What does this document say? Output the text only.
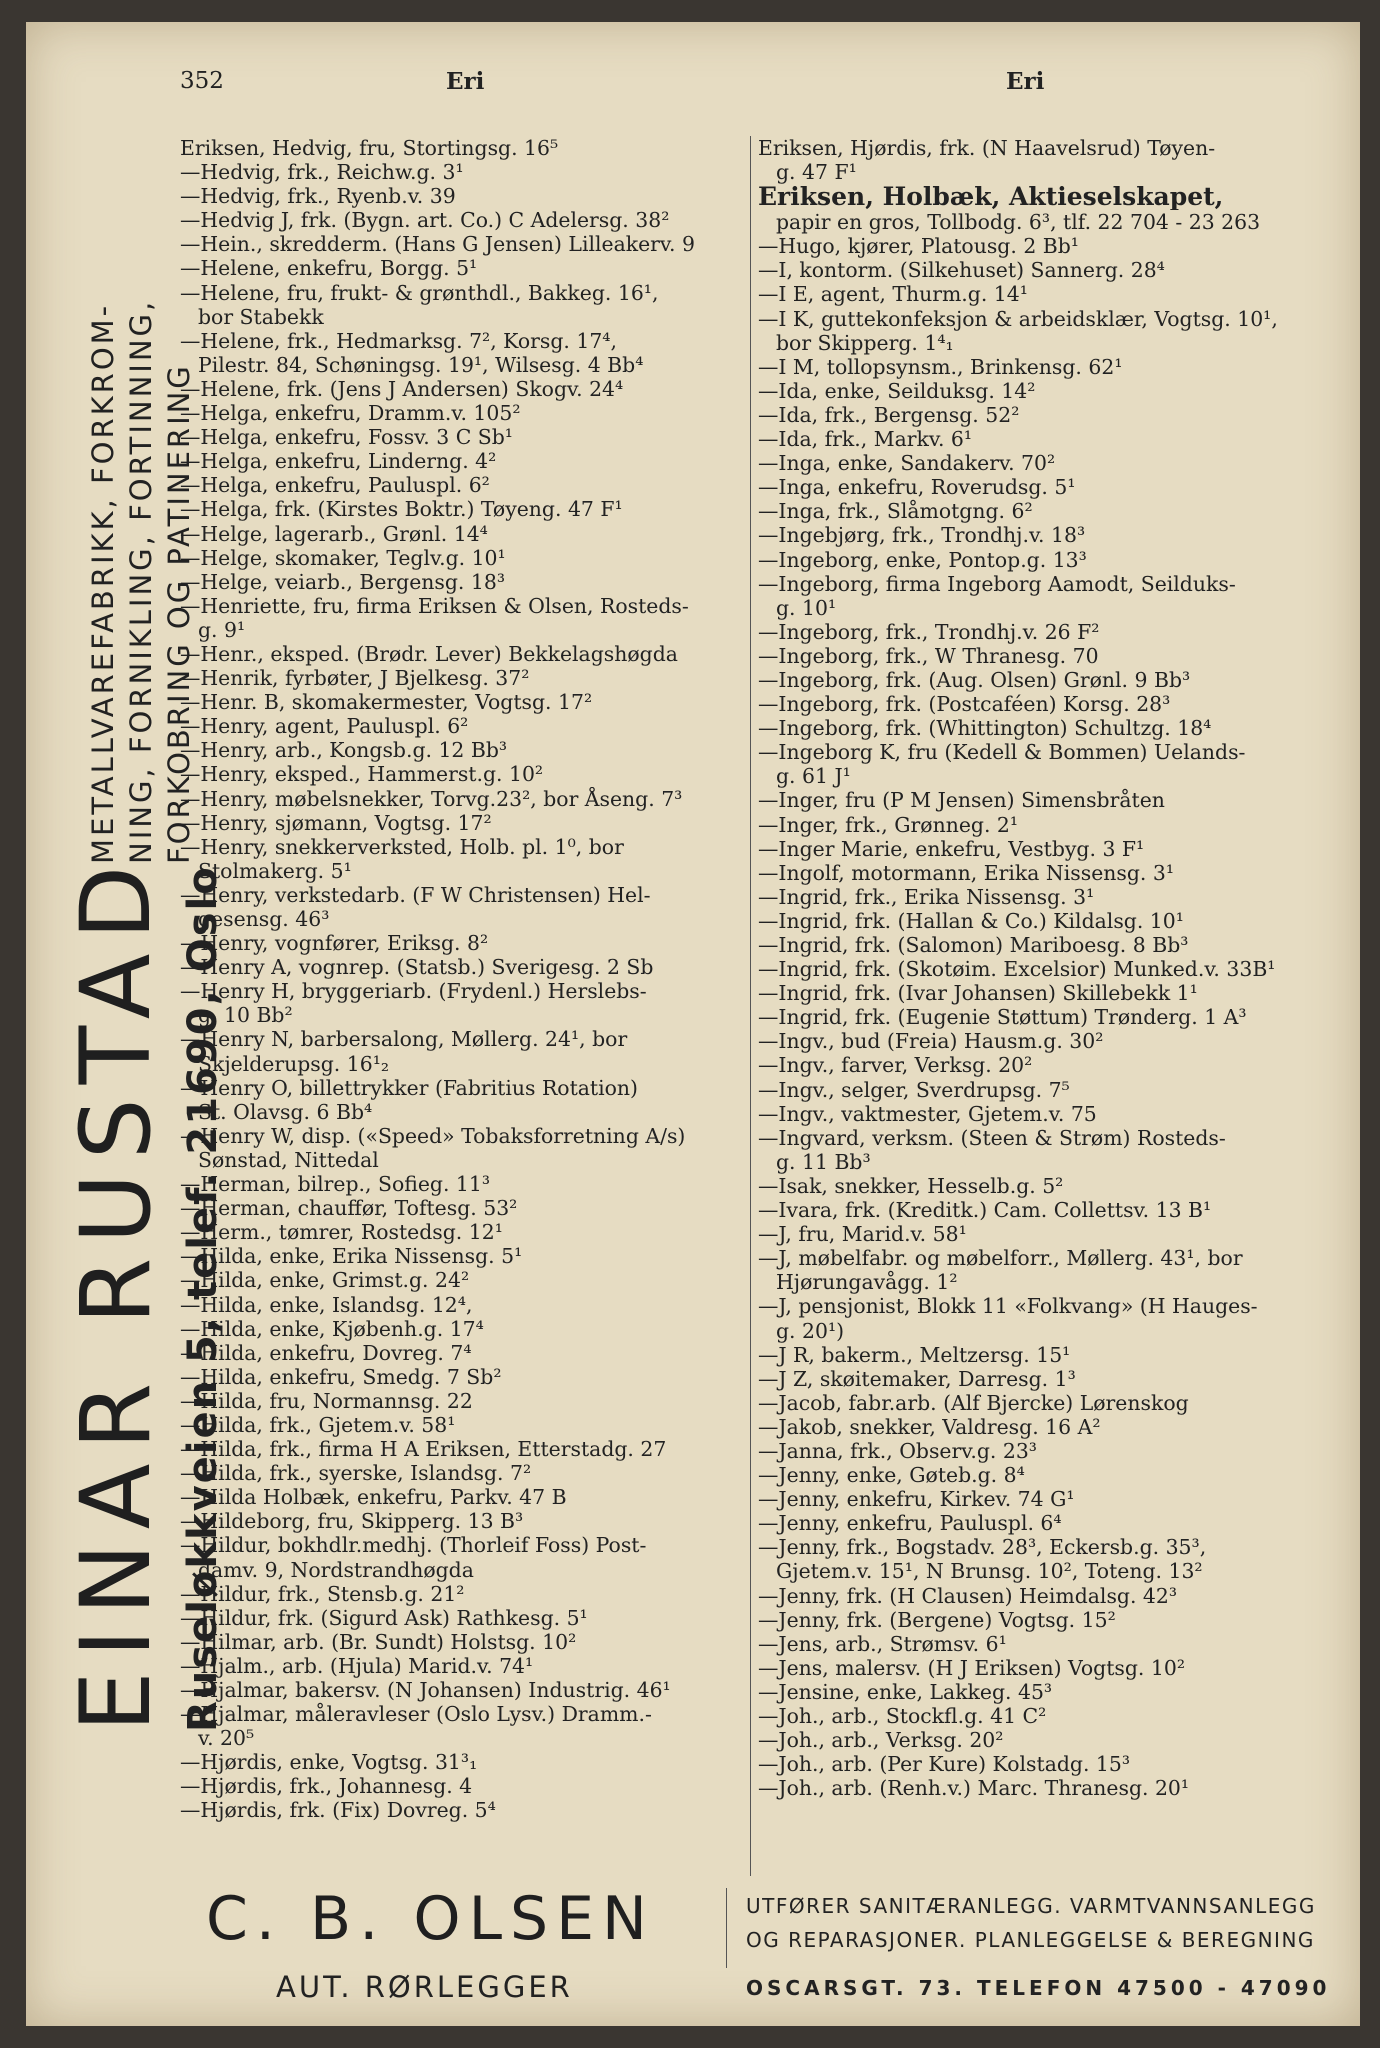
352	Eri	Eri
EINAR RUSTAD Ruseløkkveien 5, telef. 21690, Oslo
METALLVAREFABRIKK, FORKROM- NING, FORNIKLING, FORTINNING, FORKOBRING OG PATINERING
Eriksen, Hedvig, fru, Stortingsg. 16⁵
—Hedvig, frk., Reichw.g. 3¹
—Hedvig, frk., Ryenb.v. 39
—Hedvig J, frk. (Bygn. art. Co.) C Adelersg. 38²
—Hein., skredderm. (Hans G Jensen) Lilleakerv. 9
—Helene, enkefru, Borgg. 5¹
—Helene, fru, frukt- & grønthdl., Bakkeg. 16¹,
bor Stabekk
—Helene, frk., Hedmarksg. 7², Korsg. 17⁴,
Pilestr. 84, Schøningsg. 19¹, Wilsesg. 4 Bb⁴
—Helene, frk. (Jens J Andersen) Skogv. 24⁴
—Helga, enkefru, Dramm.v. 105²
—Helga, enkefru, Fossv. 3 C Sb¹
—Helga, enkefru, Linderng. 4²
—Helga, enkefru, Pauluspl. 6²
—Helga, frk. (Kirstes Boktr.) Tøyeng. 47 F¹
—Helge, lagerarb., Grønl. 14⁴
—Helge, skomaker, Teglv.g. 10¹
—Helge, veiarb., Bergensg. 18³
—Henriette, fru, firma Eriksen & Olsen, Rosteds-
g. 9¹
—Henr., eksped. (Brødr. Lever) Bekkelagshøgda
—Henrik, fyrbøter, J Bjelkesg. 37²
—Henr. B, skomakermester, Vogtsg. 17²
—Henry, agent, Pauluspl. 6²
—Henry, arb., Kongsb.g. 12 Bb³
—Henry, eksped., Hammerst.g. 10²
—Henry, møbelsnekker, Torvg.23², bor Åseng. 7³
—Henry, sjømann, Vogtsg. 17²
—Henry, snekkerverksted, Holb. pl. 1⁰, bor
Stolmakerg. 5¹
—Henry, verkstedarb. (F W Christensen) Hel-
gesensg. 46³
—Henry, vognfører, Eriksg. 8²
—Henry A, vognrep. (Statsb.) Sverigesg. 2 Sb
—Henry H, bryggeriarb. (Frydenl.) Herslebs-
g. 10 Bb²
—Henry N, barbersalong, Møllerg. 24¹, bor
Skjelderupsg. 16¹₂
—Henry O, billettrykker (Fabritius Rotation)
St. Olavsg. 6 Bb⁴
—Henry W, disp. («Speed» Tobaksforretning A/s)
Sønstad, Nittedal
—Herman, bilrep., Sofieg. 11³
—Herman, chauffør, Toftesg. 53²
—Herm., tømrer, Rostedsg. 12¹
—Hilda, enke, Erika Nissensg. 5¹
—Hilda, enke, Grimst.g. 24²
—Hilda, enke, Islandsg. 12⁴,
—Hilda, enke, Kjøbenh.g. 17⁴
—Hilda, enkefru, Dovreg. 7⁴
—Hilda, enkefru, Smedg. 7 Sb²
—Hilda, fru, Normannsg. 22
—Hilda, frk., Gjetem.v. 58¹
—Hilda, frk., firma H A Eriksen, Etterstadg. 27
—Hilda, frk., syerske, Islandsg. 7²
—Hilda Holbæk, enkefru, Parkv. 47 B
—Hildeborg, fru, Skipperg. 13 B³
—Hildur, bokhdlr.medhj. (Thorleif Foss) Post-
damv. 9, Nordstrandhøgda
—Hildur, frk., Stensb.g. 21²
—Hildur, frk. (Sigurd Ask) Rathkesg. 5¹
—Hilmar, arb. (Br. Sundt) Holstsg. 10²
—Hjalm., arb. (Hjula) Marid.v. 74¹
—Hjalmar, bakersv. (N Johansen) Industrig. 46¹
—Hjalmar, måleravleser (Oslo Lysv.) Dramm.-
v. 20⁵
—Hjørdis, enke, Vogtsg. 31³₁
—Hjørdis, frk., Johannesg. 4
—Hjørdis, frk. (Fix) Dovreg. 5⁴
Eriksen, Hjørdis, frk. (N Haavelsrud) Tøyen-
g. 47 F¹
Eriksen, Holbæk, Aktieselskapet,
papir en gros, Tollbodg. 6³, tlf. 22 704 - 23 263
—Hugo, kjører, Platousg. 2 Bb¹
—I, kontorm. (Silkehuset) Sannerg. 28⁴
—I E, agent, Thurm.g. 14¹
—I K, guttekonfeksjon & arbeidsklær, Vogtsg. 10¹,
bor Skipperg. 1⁴₁
—I M, tollopsynsm., Brinkensg. 62¹
—Ida, enke, Seilduksg. 14²
—Ida, frk., Bergensg. 52²
—Ida, frk., Markv. 6¹
—Inga, enke, Sandakerv. 70²
—Inga, enkefru, Roverudsg. 5¹
—Inga, frk., Slåmotgng. 6²
—Ingebjørg, frk., Trondhj.v. 18³
—Ingeborg, enke, Pontop.g. 13³
—Ingeborg, firma Ingeborg Aamodt, Seilduks-
g. 10¹
—Ingeborg, frk., Trondhj.v. 26 F²
—Ingeborg, frk., W Thranesg. 70
—Ingeborg, frk. (Aug. Olsen) Grønl. 9 Bb³
—Ingeborg, frk. (Postcaféen) Korsg. 28³
—Ingeborg, frk. (Whittington) Schultzg. 18⁴
—Ingeborg K, fru (Kedell & Bommen) Uelands-
g. 61 J¹
—Inger, fru (P M Jensen) Simensbråten
—Inger, frk., Grønneg. 2¹
—Inger Marie, enkefru, Vestbyg. 3 F¹
—Ingolf, motormann, Erika Nissensg. 3¹
—Ingrid, frk., Erika Nissensg. 3¹
—Ingrid, frk. (Hallan & Co.) Kildalsg. 10¹
—Ingrid, frk. (Salomon) Mariboesg. 8 Bb³
—Ingrid, frk. (Skotøim. Excelsior) Munked.v. 33B¹
—Ingrid, frk. (Ivar Johansen) Skillebekk 1¹
—Ingrid, frk. (Eugenie Støttum) Trønderg. 1 A³
—Ingv., bud (Freia) Hausm.g. 30²
—Ingv., farver, Verksg. 20²
—Ingv., selger, Sverdrupsg. 7⁵
—Ingv., vaktmester, Gjetem.v. 75
—Ingvard, verksm. (Steen & Strøm) Rosteds-
g. 11 Bb³
—Isak, snekker, Hesselb.g. 5²
—Ivara, frk. (Kreditk.) Cam. Collettsv. 13 B¹
—J, fru, Marid.v. 58¹
—J, møbelfabr. og møbelforr., Møllerg. 43¹, bor
Hjørungavågg. 1²
—J, pensjonist, Blokk 11 «Folkvang» (H Hauges-
g. 20¹)
—J R, bakerm., Meltzersg. 15¹
—J Z, skøitemaker, Darresg. 1³
—Jacob, fabr.arb. (Alf Bjercke) Lørenskog
—Jakob, snekker, Valdresg. 16 A²
—Janna, frk., Observ.g. 23³
—Jenny, enke, Gøteb.g. 8⁴
—Jenny, enkefru, Kirkev. 74 G¹
—Jenny, enkefru, Pauluspl. 6⁴
—Jenny, frk., Bogstadv. 28³, Eckersb.g. 35³,
Gjetem.v. 15¹, N Brunsg. 10², Toteng. 13²
—Jenny, frk. (H Clausen) Heimdalsg. 42³
—Jenny, frk. (Bergene) Vogtsg. 15²
—Jens, arb., Strømsv. 6¹
—Jens, malersv. (H J Eriksen) Vogtsg. 10²
—Jensine, enke, Lakkeg. 45³
—Joh., arb., Stockfl.g. 41 C²
—Joh., arb., Verksg. 20²
—Joh., arb. (Per Kure) Kolstadg. 15³
—Joh., arb. (Renh.v.) Marc. Thranesg. 20¹
C. B. OLSEN
AUT. RØRLEGGER
UTFØRER SANITÆRANLEGG. VARMTVANNSANLEGG
OG REPARASJONER. PLANLEGGELSE & BEREGNING
OSCARSGT. 73. TELEFON 47500 - 47090
